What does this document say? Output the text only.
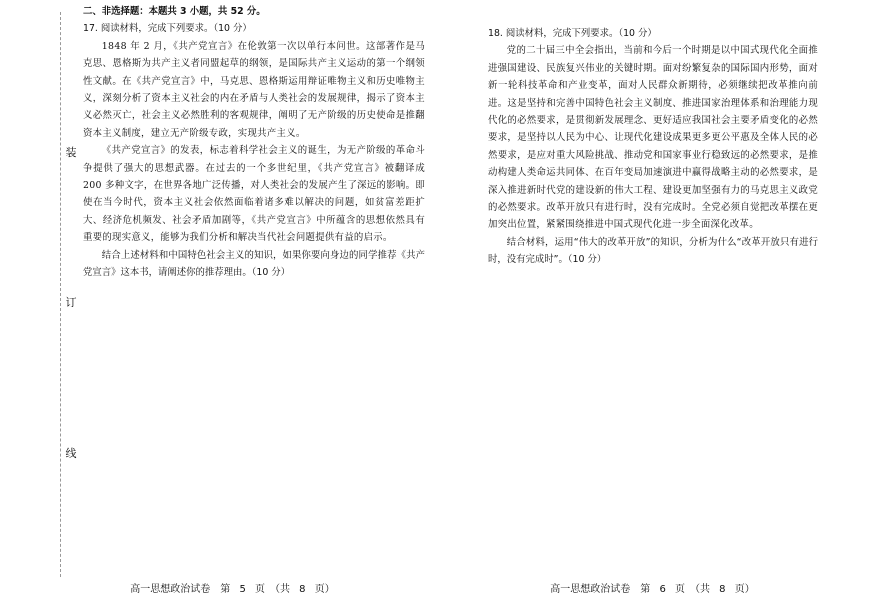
装
订
线

二、非选择题：本题共 3 小题，共 52 分。

17. 阅读材料，完成下列要求。（10 分）

1848 年 2 月，《共产党宣言》在伦敦第一次以单行本问世。这部著作是马克思、恩格斯为共产主义者同盟起草的纲领，是国际共产主义运动的第一个纲领性文献。在《共产党宣言》中，马克思、恩格斯运用辩证唯物主义和历史唯物主义，深刻分析了资本主义社会的内在矛盾与人类社会的发展规律，揭示了资本主义必然灭亡，社会主义必然胜利的客观规律，阐明了无产阶级的历史使命是推翻资本主义制度，建立无产阶级专政，实现共产主义。

《共产党宣言》的发表，标志着科学社会主义的诞生，为无产阶级的革命斗争提供了强大的思想武器。在过去的一个多世纪里，《共产党宣言》被翻译成 200 多种文字，在世界各地广泛传播，对人类社会的发展产生了深远的影响。即使在当今时代，资本主义社会依然面临着诸多难以解决的问题，如贫富差距扩大、经济危机频发、社会矛盾加剧等，《共产党宣言》中所蕴含的思想依然具有重要的现实意义，能够为我们分析和解决当代社会问题提供有益的启示。

结合上述材料和中国特色社会主义的知识，如果你要向身边的同学推荐《共产党宣言》这本书，请阐述你的推荐理由。（10 分）

高一思想政治试卷　第 5 页　（共 8 页）

18. 阅读材料，完成下列要求。（10 分）

党的二十届三中全会指出，当前和今后一个时期是以中国式现代化全面推进强国建设、民族复兴伟业的关键时期。面对纷繁复杂的国际国内形势，面对新一轮科技革命和产业变革，面对人民群众新期待，必须继续把改革推向前进。这是坚持和完善中国特色社会主义制度、推进国家治理体系和治理能力现代化的必然要求，是贯彻新发展理念、更好适应我国社会主要矛盾变化的必然要求，是坚持以人民为中心、让现代化建设成果更多更公平惠及全体人民的必然要求，是应对重大风险挑战、推动党和国家事业行稳致远的必然要求，是推动构建人类命运共同体、在百年变局加速演进中赢得战略主动的必然要求，是深入推进新时代党的建设新的伟大工程、建设更加坚强有力的马克思主义政党的必然要求。改革开放只有进行时，没有完成时。全党必须自觉把改革摆在更加突出位置，紧紧围绕推进中国式现代化进一步全面深化改革。

结合材料，运用“伟大的改革开放”的知识，分析为什么“改革开放只有进行时，没有完成时”。（10 分）

高一思想政治试卷　第 6 页　（共 8 页）
